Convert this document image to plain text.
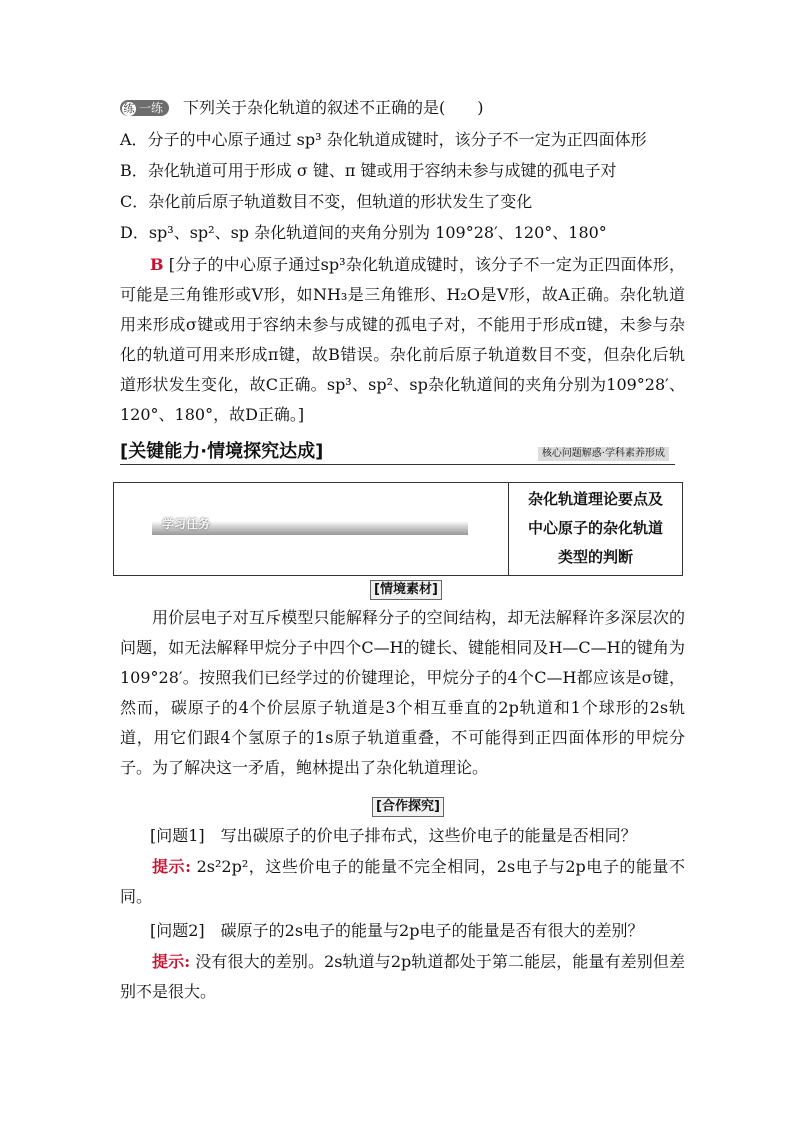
练 一练 下列关于杂化轨道的叙述不正确的是(　　)
A．分子的中心原子通过 sp³ 杂化轨道成键时，该分子不一定为正四面体形
B．杂化轨道可用于形成 σ 键、π 键或用于容纳未参与成键的孤电子对
C．杂化前后原子轨道数目不变，但轨道的形状发生了变化
D．sp³、sp²、sp 杂化轨道间的夹角分别为 109°28′、120°、180°
B [分子的中心原子通过sp³杂化轨道成键时，该分子不一定为正四面体形，可能是三角锥形或V形，如NH₃是三角锥形、H₂O是V形，故A正确。杂化轨道用来形成σ键或用于容纳未参与成键的孤电子对，不能用于形成π键，未参与杂化的轨道可用来形成π键，故B错误。杂化前后原子轨道数目不变，但杂化后轨道形状发生变化，故C正确。sp³、sp²、sp杂化轨道间的夹角分别为109°28′、120°、180°，故D正确。]
[关键能力·情境探究达成]	核心问题解惑·学科素养形成
学习任务
杂化轨道理论要点及
中心原子的杂化轨道
类型的判断
[情境素材]
用价层电子对互斥模型只能解释分子的空间结构，却无法解释许多深层次的问题，如无法解释甲烷分子中四个C—H的键长、键能相同及H—C—H的键角为109°28′。按照我们已经学过的价键理论，甲烷分子的4个C—H都应该是σ键，然而，碳原子的4个价层原子轨道是3个相互垂直的2p轨道和1个球形的2s轨道，用它们跟4个氢原子的1s原子轨道重叠，不可能得到正四面体形的甲烷分子。为了解决这一矛盾，鲍林提出了杂化轨道理论。
[合作探究]
[问题1]　写出碳原子的价电子排布式，这些价电子的能量是否相同？
提示: 2s²2p²，这些价电子的能量不完全相同，2s电子与2p电子的能量不同。
[问题2]　碳原子的2s电子的能量与2p电子的能量是否有很大的差别？
提示: 没有很大的差别。2s轨道与2p轨道都处于第二能层，能量有差别但差别不是很大。
